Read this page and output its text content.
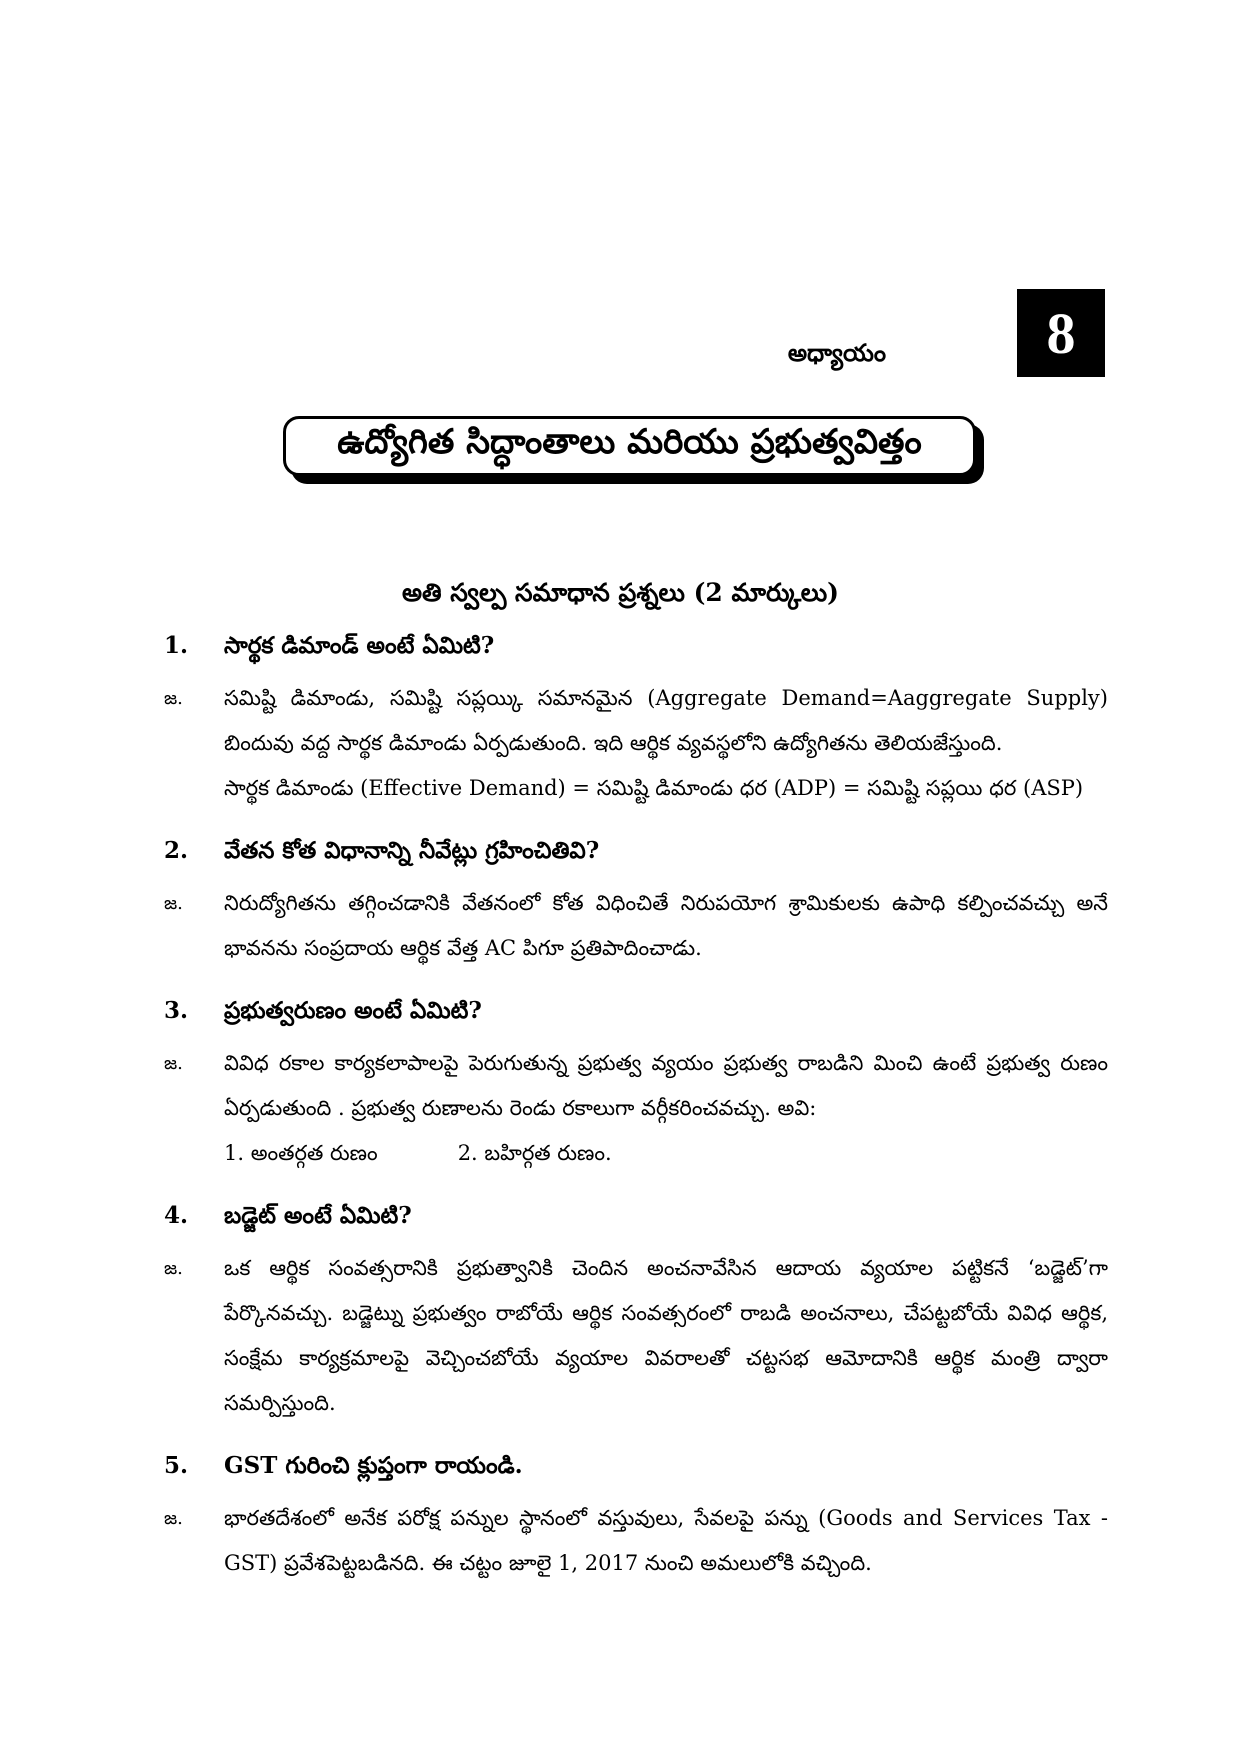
అధ్యాయం	8
ఉద్యోగిత సిద్ధాంతాలు మరియు ప్రభుత్వవిత్తం
అతి స్వల్ప సమాధాన ప్రశ్నలు (2 మార్కులు)
1.	సార్థక డిమాండ్ అంటే ఏమిటి?
జ.	సమిష్టి డిమాండు, సమిష్టి సప్లయ్కి సమానమైన (Aggregate Demand=Aaggregate Supply) బిందువు వద్ద సార్థక డిమాండు ఏర్పడుతుంది. ఇది ఆర్థిక వ్యవస్థలోని ఉద్యోగితను తెలియజేస్తుంది.

సార్థక డిమాండు (Effective Demand) = సమిష్టి డిమాండు ధర (ADP) = సమిష్టి సప్లయి ధర (ASP)

2.	వేతన కోత విధానాన్ని నీవేట్లు గ్రహించితివి?
జ.	నిరుద్యోగితను తగ్గించడానికి వేతనంలో కోత విధించితే నిరుపయోగ శ్రామికులకు ఉపాధి కల్పించవచ్చు అనే భావనను సంప్రదాయ ఆర్థిక వేత్త AC పిగూ ప్రతిపాదించాడు.

3.	ప్రభుత్వరుణం అంటే ఏమిటి?
జ.	వివిధ రకాల కార్యకలాపాలపై పెరుగుతున్న ప్రభుత్వ వ్యయం ప్రభుత్వ రాబడిని మించి ఉంటే ప్రభుత్వ రుణం ఏర్పడుతుంది . ప్రభుత్వ రుణాలను రెండు రకాలుగా వర్గీకరించవచ్చు. అవి:

1. అంతర్గత రుణం	2. బహిర్గత రుణం.
4.	బడ్జెట్ అంటే ఏమిటి?
జ.	ఒక ఆర్థిక సంవత్సరానికి ప్రభుత్వానికి చెందిన అంచనావేసిన ఆదాయ వ్యయాల పట్టికనే ‘బడ్జెట్’గా పేర్కొనవచ్చు. బడ్జెట్ను ప్రభుత్వం రాబోయే ఆర్థిక సంవత్సరంలో రాబడి అంచనాలు, చేపట్టబోయే వివిధ ఆర్థిక, సంక్షేమ కార్యక్రమాలపై వెచ్చించబోయే వ్యయాల వివరాలతో చట్టసభ ఆమోదానికి ఆర్థిక మంత్రి ద్వారా సమర్పిస్తుంది.

5.	GST గురించి క్లుప్తంగా రాయండి.
జ.	భారతదేశంలో అనేక పరోక్ష పన్నుల స్థానంలో వస్తువులు, సేవలపై పన్ను (Goods and Services Tax - GST) ప్రవేశపెట్టబడినది. ఈ చట్టం జూలై 1, 2017 నుంచి అమలులోకి వచ్చింది.
